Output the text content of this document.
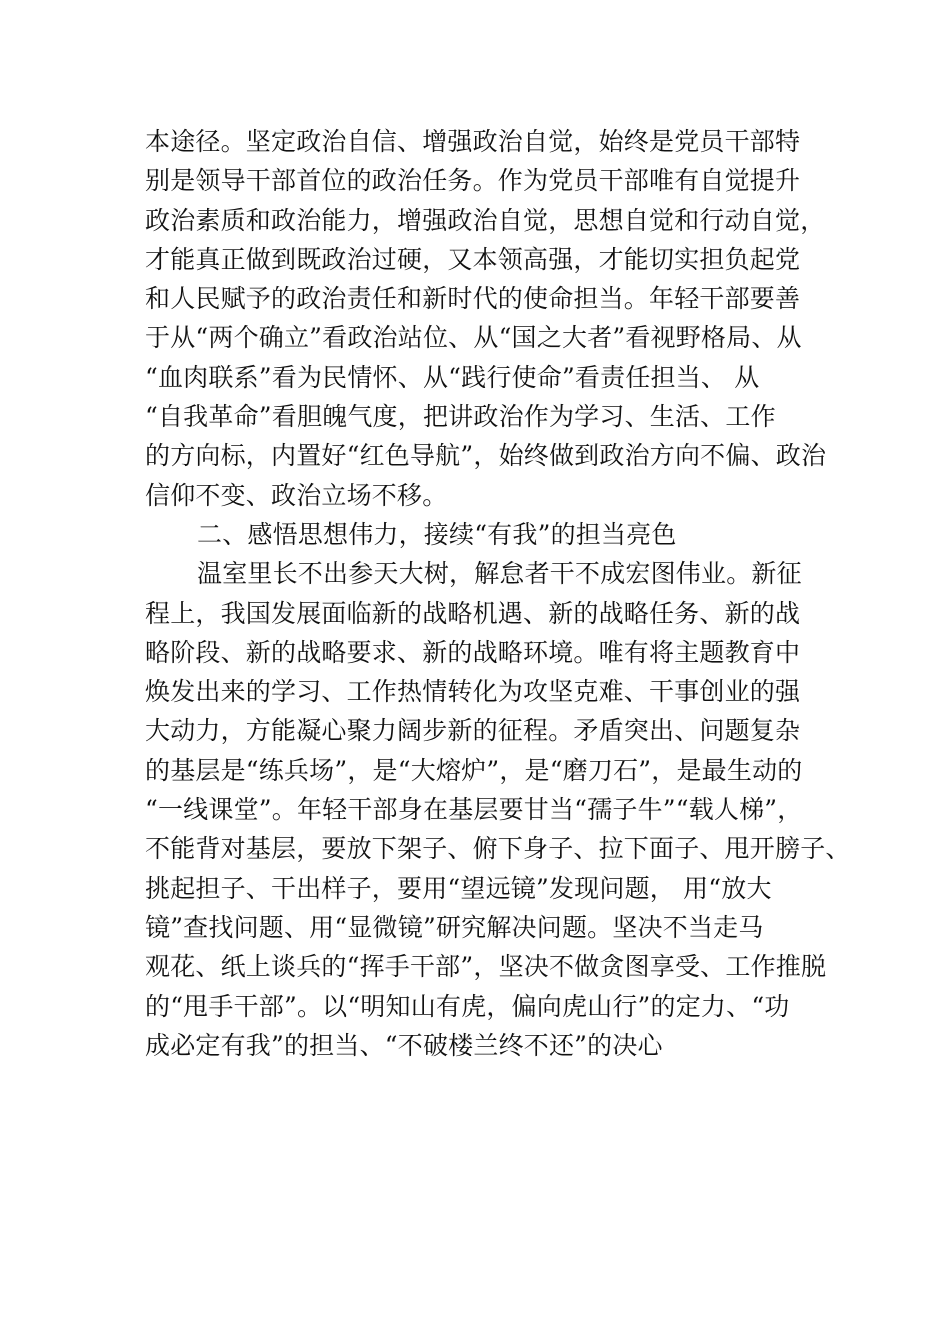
本途径。坚定政治自信、增强政治自觉，始终是党员干部特
别是领导干部首位的政治任务。作为党员干部唯有自觉提升
政治素质和政治能力，增强政治自觉，思想自觉和行动自觉，
才能真正做到既政治过硬，又本领高强，才能切实担负起党
和人民赋予的政治责任和新时代的使命担当。年轻干部要善
于从“两个确立”看政治站位、从“国之大者”看视野格局、从
“血肉联系”看为民情怀、从“践行使命”看责任担当、 从
“自我革命”看胆魄气度，把讲政治作为学习、生活、工作
的方向标，内置好“红色导航”，始终做到政治方向不偏、政治
信仰不变、政治立场不移。
二、感悟思想伟力，接续“有我”的担当亮色
温室里长不出参天大树，解怠者干不成宏图伟业。新征
程上，我国发展面临新的战略机遇、新的战略任务、新的战
略阶段、新的战略要求、新的战略环境。唯有将主题教育中
焕发出来的学习、工作热情转化为攻坚克难、干事创业的强
大动力，方能凝心聚力阔步新的征程。矛盾突出、问题复杂
的基层是“练兵场”，是“大熔炉”，是“磨刀石”，是最生动的
“一线课堂”。年轻干部身在基层要甘当“孺子牛”“载人梯”，
不能背对基层，要放下架子、俯下身子、拉下面子、甩开膀子、
挑起担子、干出样子，要用“望远镜”发现问题， 用“放大
镜”查找问题、用“显微镜”研究解决问题。坚决不当走马
观花、纸上谈兵的“挥手干部”，坚决不做贪图享受、工作推脱
的“甩手干部”。以“明知山有虎，偏向虎山行”的定力、“功
成必定有我”的担当、“不破楼兰终不还”的决心
